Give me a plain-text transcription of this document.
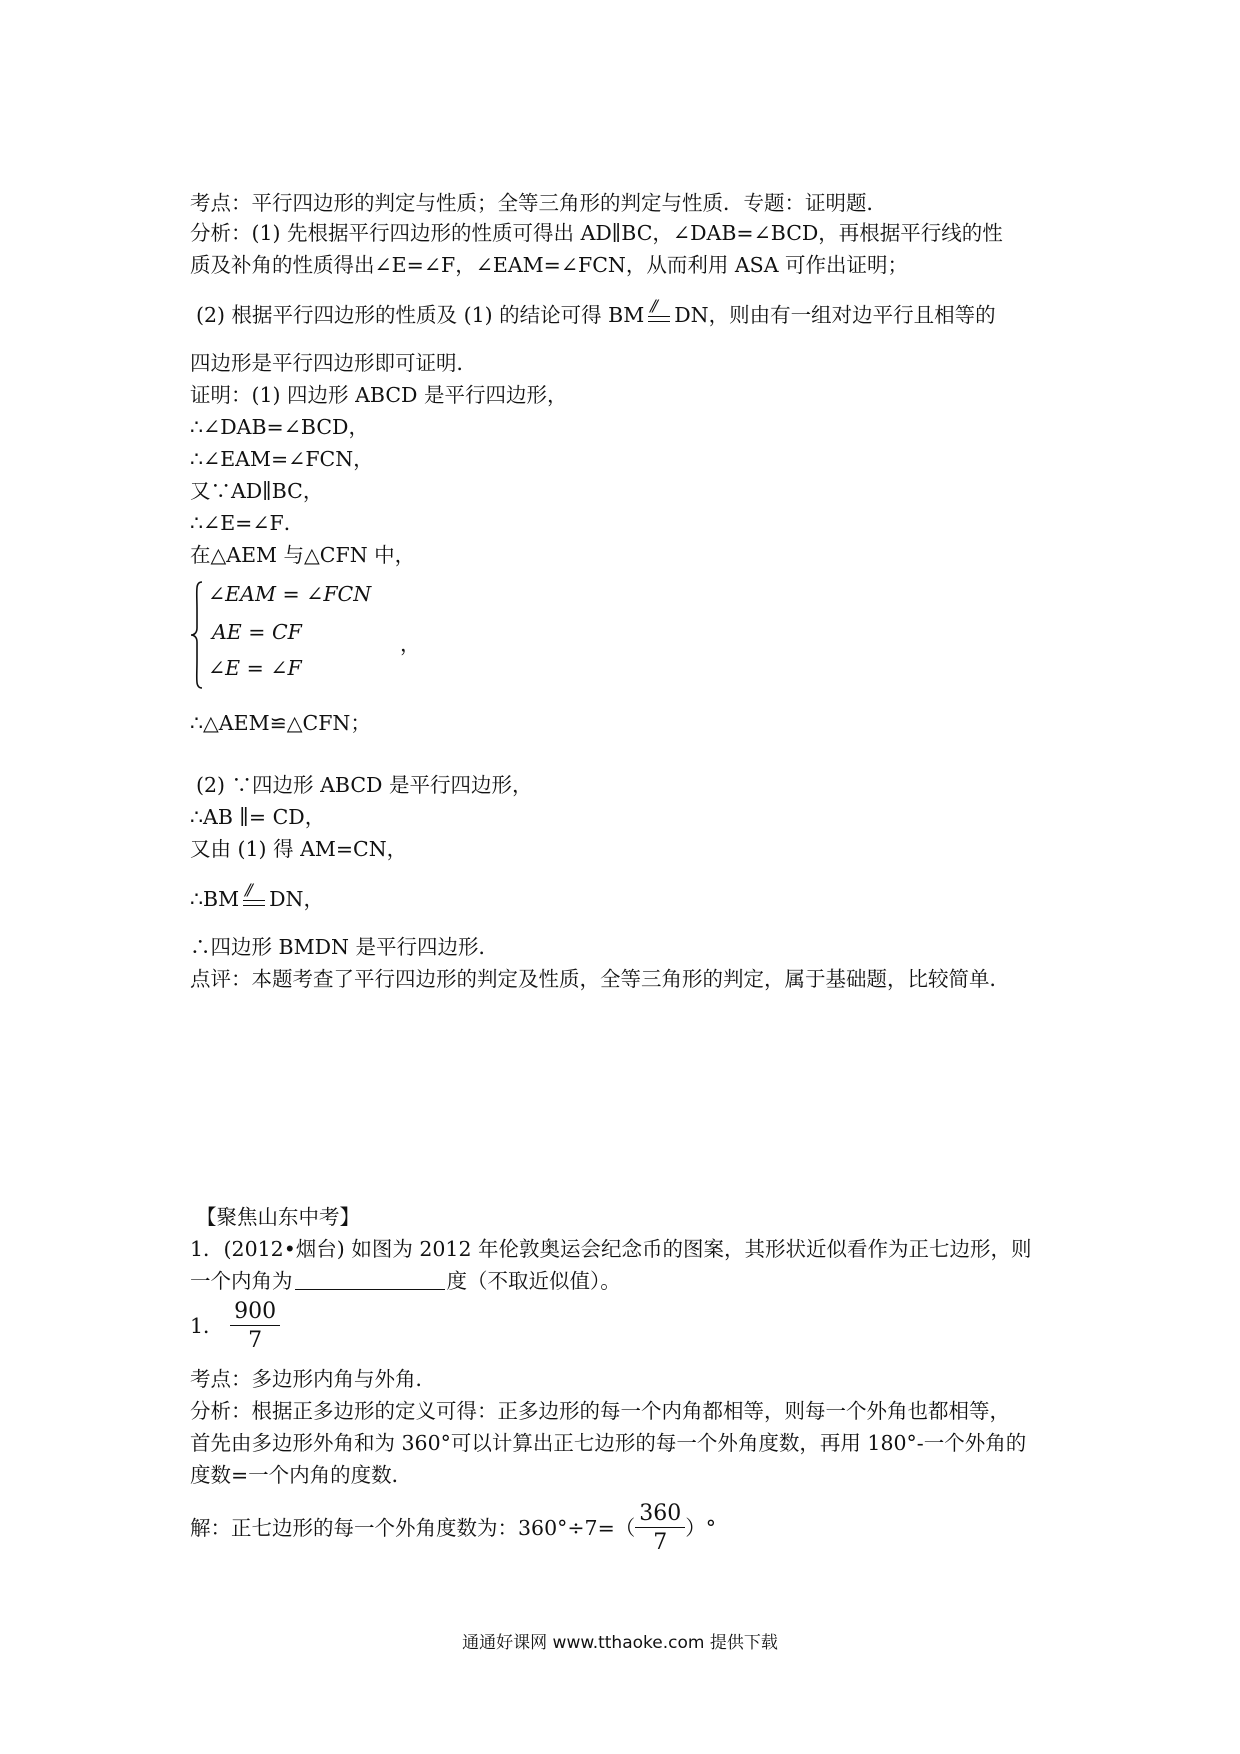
考点：平行四边形的判定与性质；全等三角形的判定与性质．专题：证明题．
分析：(1) 先根据平行四边形的性质可得出 AD∥BC，∠DAB=∠BCD，再根据平行线的性
质及补角的性质得出∠E=∠F，∠EAM=∠FCN，从而利用 ASA 可作出证明；
(2) 根据平行四边形的性质及 (1) 的结论可得 BM // DN，则由有一组对边平行且相等的
四边形是平行四边形即可证明．
证明：(1) 四边形 ABCD 是平行四边形，
∴∠DAB=∠BCD，
∴∠EAM=∠FCN，
又∵AD∥BC，
∴∠E=∠F．
在△AEM 与△CFN 中，
∠EAM = ∠FCN
AE = CF
∠E = ∠F
，
∴△AEM≌△CFN；
(2) ∵四边形 ABCD 是平行四边形，
∴AB ∥= CD，
又由 (1) 得 AM=CN，
∴BM // DN，
∴四边形 BMDN 是平行四边形．
点评：本题考查了平行四边形的判定及性质，全等三角形的判定，属于基础题，比较简单．
【聚焦山东中考】
1．(2012•烟台) 如图为 2012 年伦敦奥运会纪念币的图案，其形状近似看作为正七边形，则
一个内角为	度（不取近似值）。
1． $\frac{900}{7}$
考点：多边形内角与外角．
分析：根据正多边形的定义可得：正多边形的每一个内角都相等，则每一个外角也都相等，
首先由多边形外角和为 360°可以计算出正七边形的每一个外角度数，再用 180°-一个外角的
度数=一个内角的度数．
解：正七边形的每一个外角度数为：$360^\circ\div 7=( \frac{360}{7}$ ）°
通通好课网 www.tthaoke.com 提供下载
